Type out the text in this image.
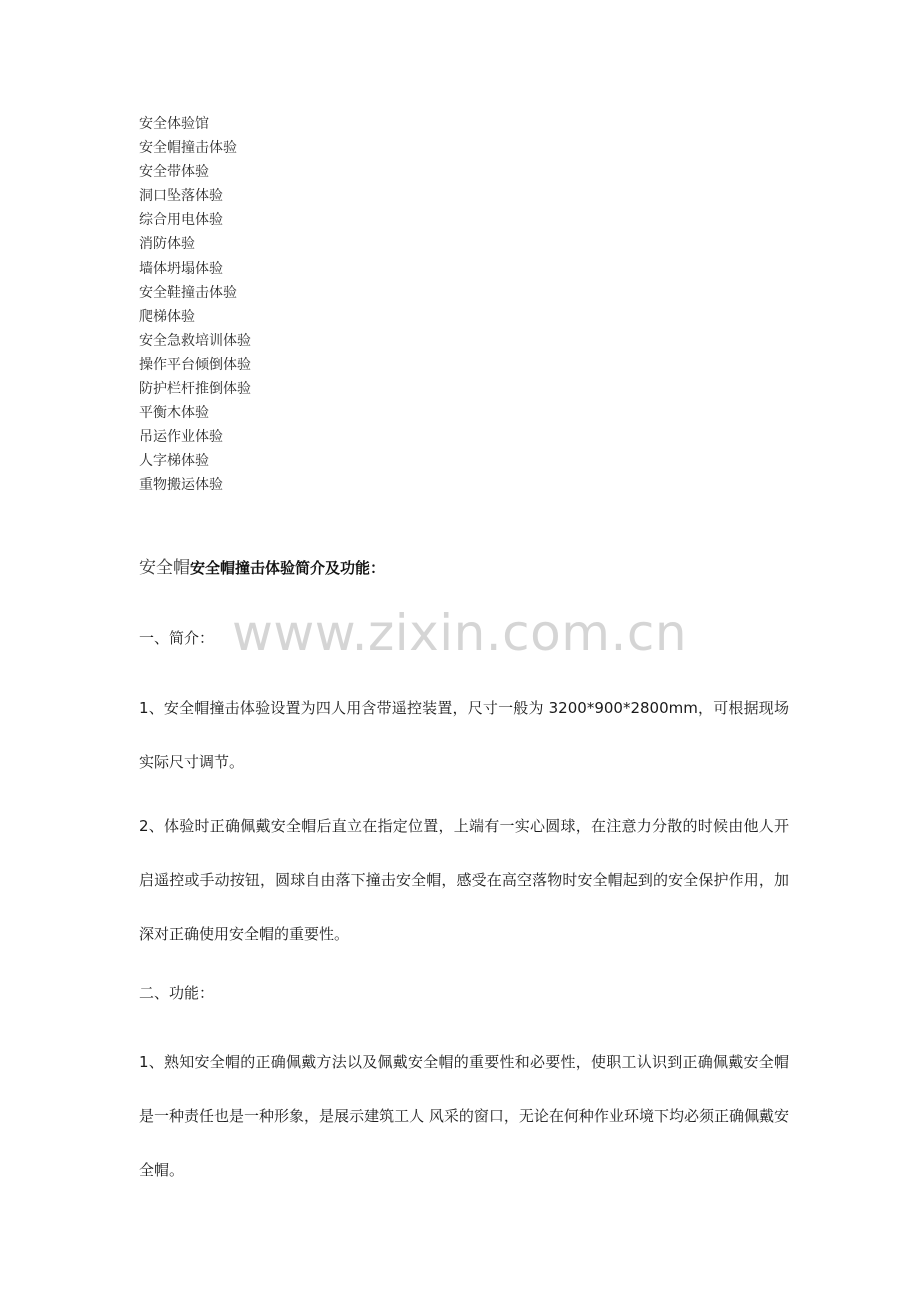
安全体验馆
安全帽撞击体验
安全带体验
洞口坠落体验
综合用电体验
消防体验
墙体坍塌体验
安全鞋撞击体验
爬梯体验
安全急救培训体验
操作平台倾倒体验
防护栏杆推倒体验
平衡木体验
吊运作业体验
人字梯体验
重物搬运体验
安全帽安全帽撞击体验简介及功能：
www.zixin.com.cn
一、简介：

1、安全帽撞击体验设置为四人用含带遥控装置，尺寸一般为 3200*900*2800mm，可根据现场实际尺寸调节。

2、体验时正确佩戴安全帽后直立在指定位置，上端有一实心圆球，在注意力分散的时候由他人开启遥控或手动按钮，圆球自由落下撞击安全帽，感受在高空落物时安全帽起到的安全保护作用，加深对正确使用安全帽的重要性。

二、功能：

1、熟知安全帽的正确佩戴方法以及佩戴安全帽的重要性和必要性，使职工认识到正确佩戴安全帽是一种责任也是一种形象，是展示建筑工人 风采的窗口，无论在何种作业环境下均必须正确佩戴安全帽。
